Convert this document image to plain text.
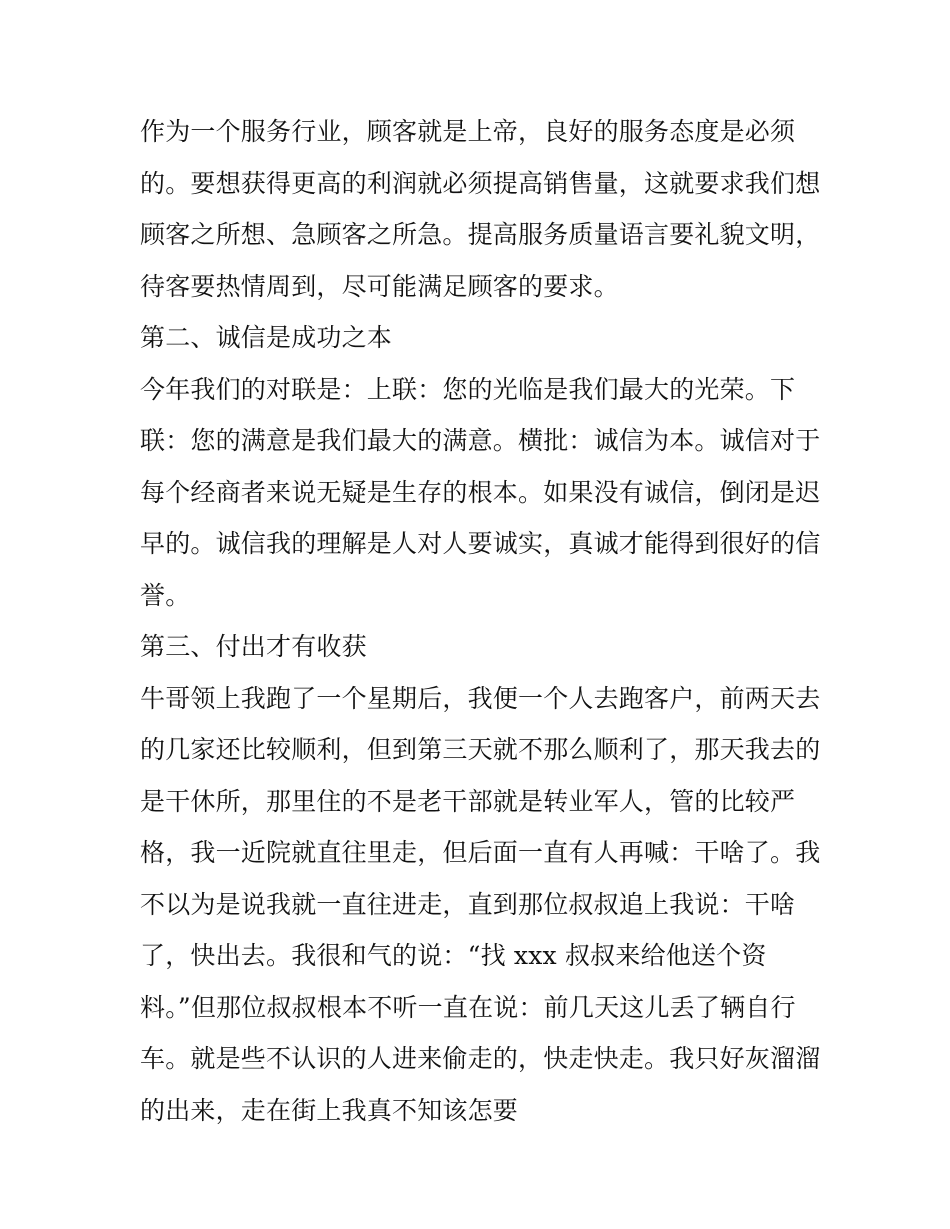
作为一个服务行业，顾客就是上帝，良好的服务态度是必须
的。要想获得更高的利润就必须提高销售量，这就要求我们想
顾客之所想、急顾客之所急。提高服务质量语言要礼貌文明，
待客要热情周到，尽可能满足顾客的要求。
第二、诚信是成功之本
今年我们的对联是：上联：您的光临是我们最大的光荣。下
联：您的满意是我们最大的满意。横批：诚信为本。诚信对于
每个经商者来说无疑是生存的根本。如果没有诚信，倒闭是迟
早的。诚信我的理解是人对人要诚实，真诚才能得到很好的信
誉。
第三、付出才有收获
牛哥领上我跑了一个星期后，我便一个人去跑客户，前两天去
的几家还比较顺利，但到第三天就不那么顺利了，那天我去的
是干休所，那里住的不是老干部就是转业军人，管的比较严
格，我一近院就直往里走，但后面一直有人再喊：干啥了。我
不以为是说我就一直往进走，直到那位叔叔追上我说：干啥
了，快出去。我很和气的说：“找 xxx 叔叔来给他送个资
料。”但那位叔叔根本不听一直在说：前几天这儿丢了辆自行
车。就是些不认识的人进来偷走的，快走快走。我只好灰溜溜
的出来，走在街上我真不知该怎要
